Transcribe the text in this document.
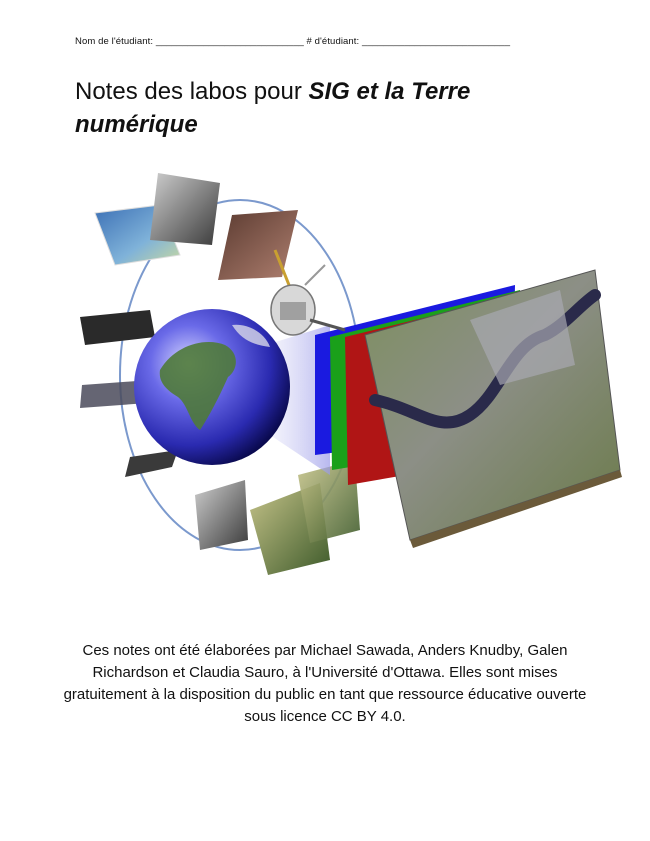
Nom de l'étudiant: ____________________________ # d'étudiant: ____________________________
Notes des labos pour SIG et la Terre numérique

Ces notes ont été élaborées par Michael Sawada, Anders Knudby, Galen Richardson et Claudia Sauro, à l'Université d'Ottawa. Elles sont mises gratuitement à la disposition du public en tant que ressource éducative ouverte sous licence CC BY 4.0.
